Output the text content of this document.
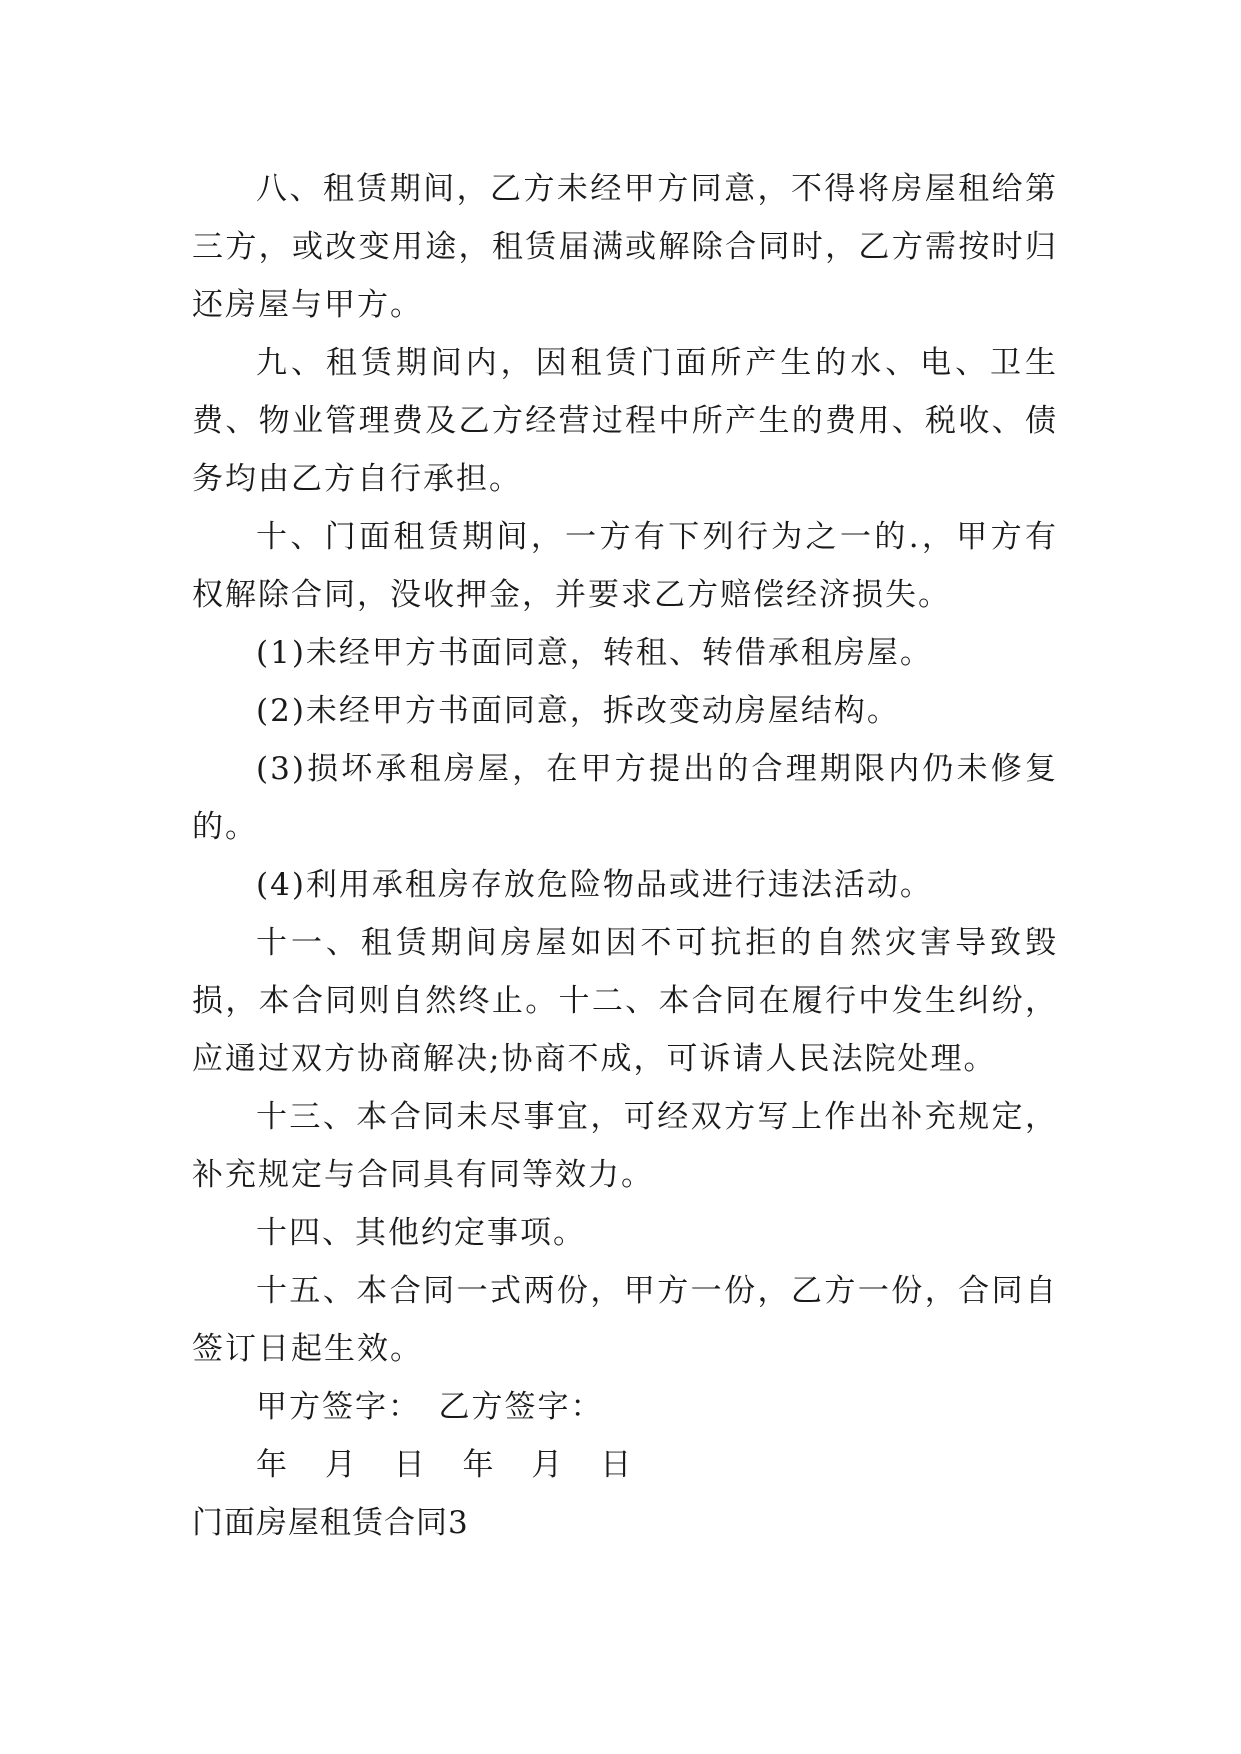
八、租赁期间，乙方未经甲方同意，不得将房屋租给第三方，或改变用途，租赁届满或解除合同时，乙方需按时归还房屋与甲方。

九、租赁期间内，因租赁门面所产生的水、电、卫生费、物业管理费及乙方经营过程中所产生的费用、税收、债务均由乙方自行承担。

十、门面租赁期间，一方有下列行为之一的.，甲方有权解除合同，没收押金，并要求乙方赔偿经济损失。

(1)未经甲方书面同意，转租、转借承租房屋。

(2)未经甲方书面同意，拆改变动房屋结构。

(3)损坏承租房屋，在甲方提出的合理期限内仍未修复的。

(4)利用承租房存放危险物品或进行违法活动。

十一、租赁期间房屋如因不可抗拒的自然灾害导致毁损，本合同则自然终止。十二、本合同在履行中发生纠纷，应通过双方协商解决;协商不成，可诉请人民法院处理。

十三、本合同未尽事宜，可经双方写上作出补充规定，补充规定与合同具有同等效力。

十四、其他约定事项。

十五、本合同一式两份，甲方一份，乙方一份，合同自签订日起生效。

甲方签字：　乙方签字：

年 月 日 年 月 日

门面房屋租赁合同3
